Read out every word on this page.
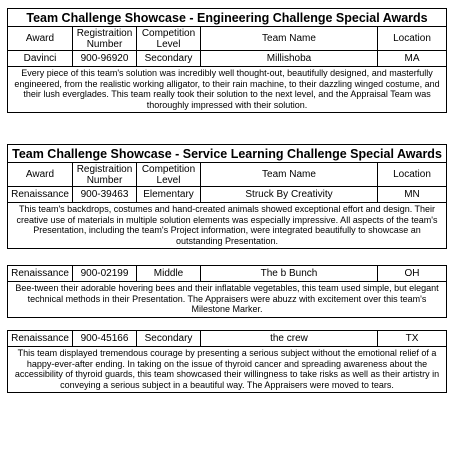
Team Challenge Showcase - Engineering Challenge Special Awards				
Award	Registraition Number	Competition Level	Team Name	Location
Davinci	900-96920	Secondary	Millishoba	MA
Every piece of this team's solution was incredibly well thought-out, beautifully designed, and masterfully engineered, from the realistic working alligator, to their rain machine, to their dazzling winged costume, and their lush everglades. This team really took their solution to the next level, and the Appraisal Team was thoroughly impressed with their solution.				
Team Challenge Showcase - Service Learning Challenge Special Awards				
Award	Registraition Number	Competition Level	Team Name	Location
Renaissance	900-39463	Elementary	Struck By Creativity	MN
This team's backdrops, costumes and hand-created animals showed exceptional effort and design. Their creative use of materials in multiple solution elements was especially impressive. All aspects of the team's Presentation, including the team's Project information, were integrated beautifully to showcase an outstanding Presentation.				
Renaissance	900-02199	Middle	The b Bunch	OH
Bee-tween their adorable hovering bees and their inflatable vegetables, this team used simple, but elegant technical methods in their Presentation. The Appraisers were abuzz with excitement over this team's Milestone Marker.
Renaissance	900-45166	Secondary	the crew	TX
This team displayed tremendous courage by presenting a serious subject without the emotional relief of a happy-ever-after ending. In taking on the issue of thyroid cancer and spreading awareness about the accessibility of thyroid guards, this team showcased their willingness to take risks as well as their artistry in conveying a serious subject in a beautiful way. The Appraisers were moved to tears.
